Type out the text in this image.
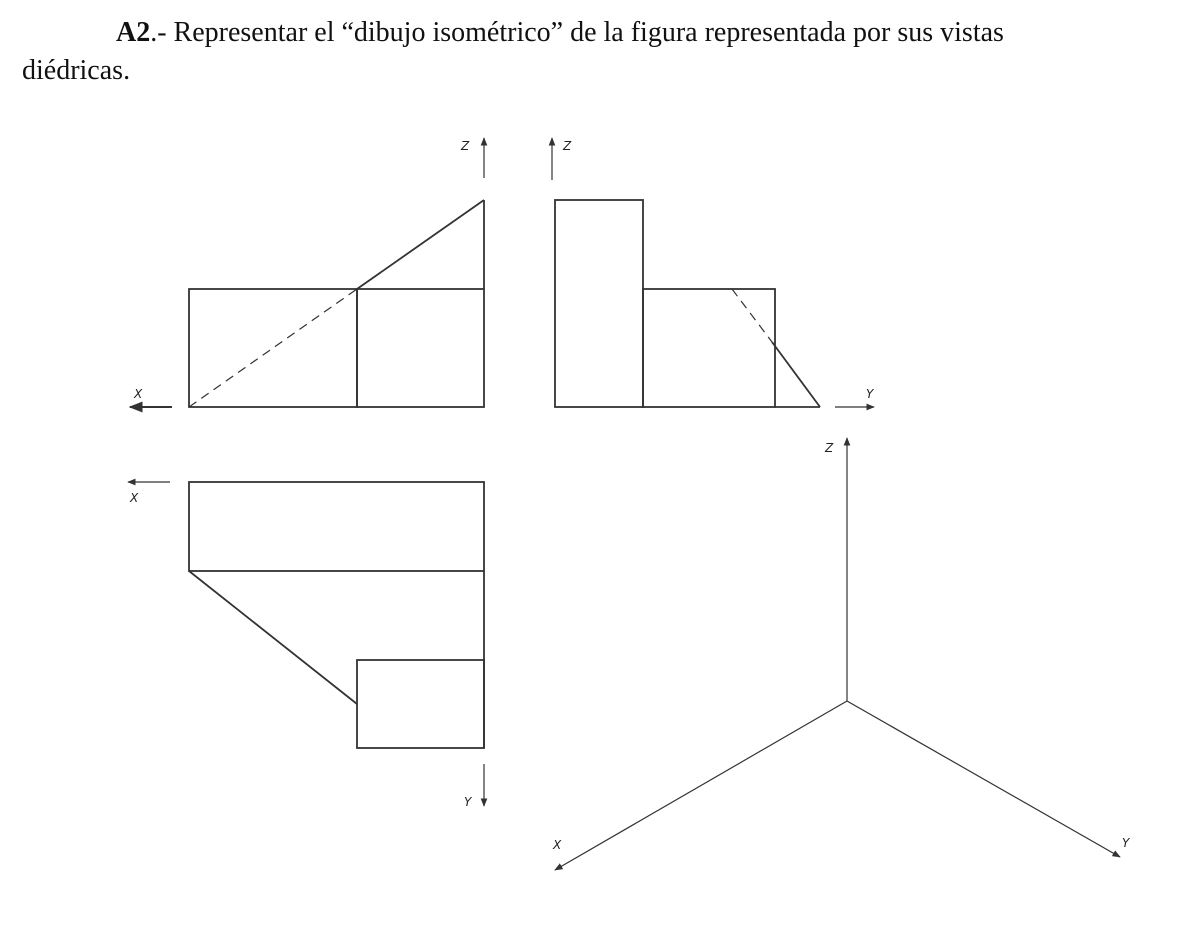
A2.- Representar el “dibujo isométrico” de la figura representada por sus vistas
diédricas.
Z
X
Z
Y
X
Y
Z
X	Y
